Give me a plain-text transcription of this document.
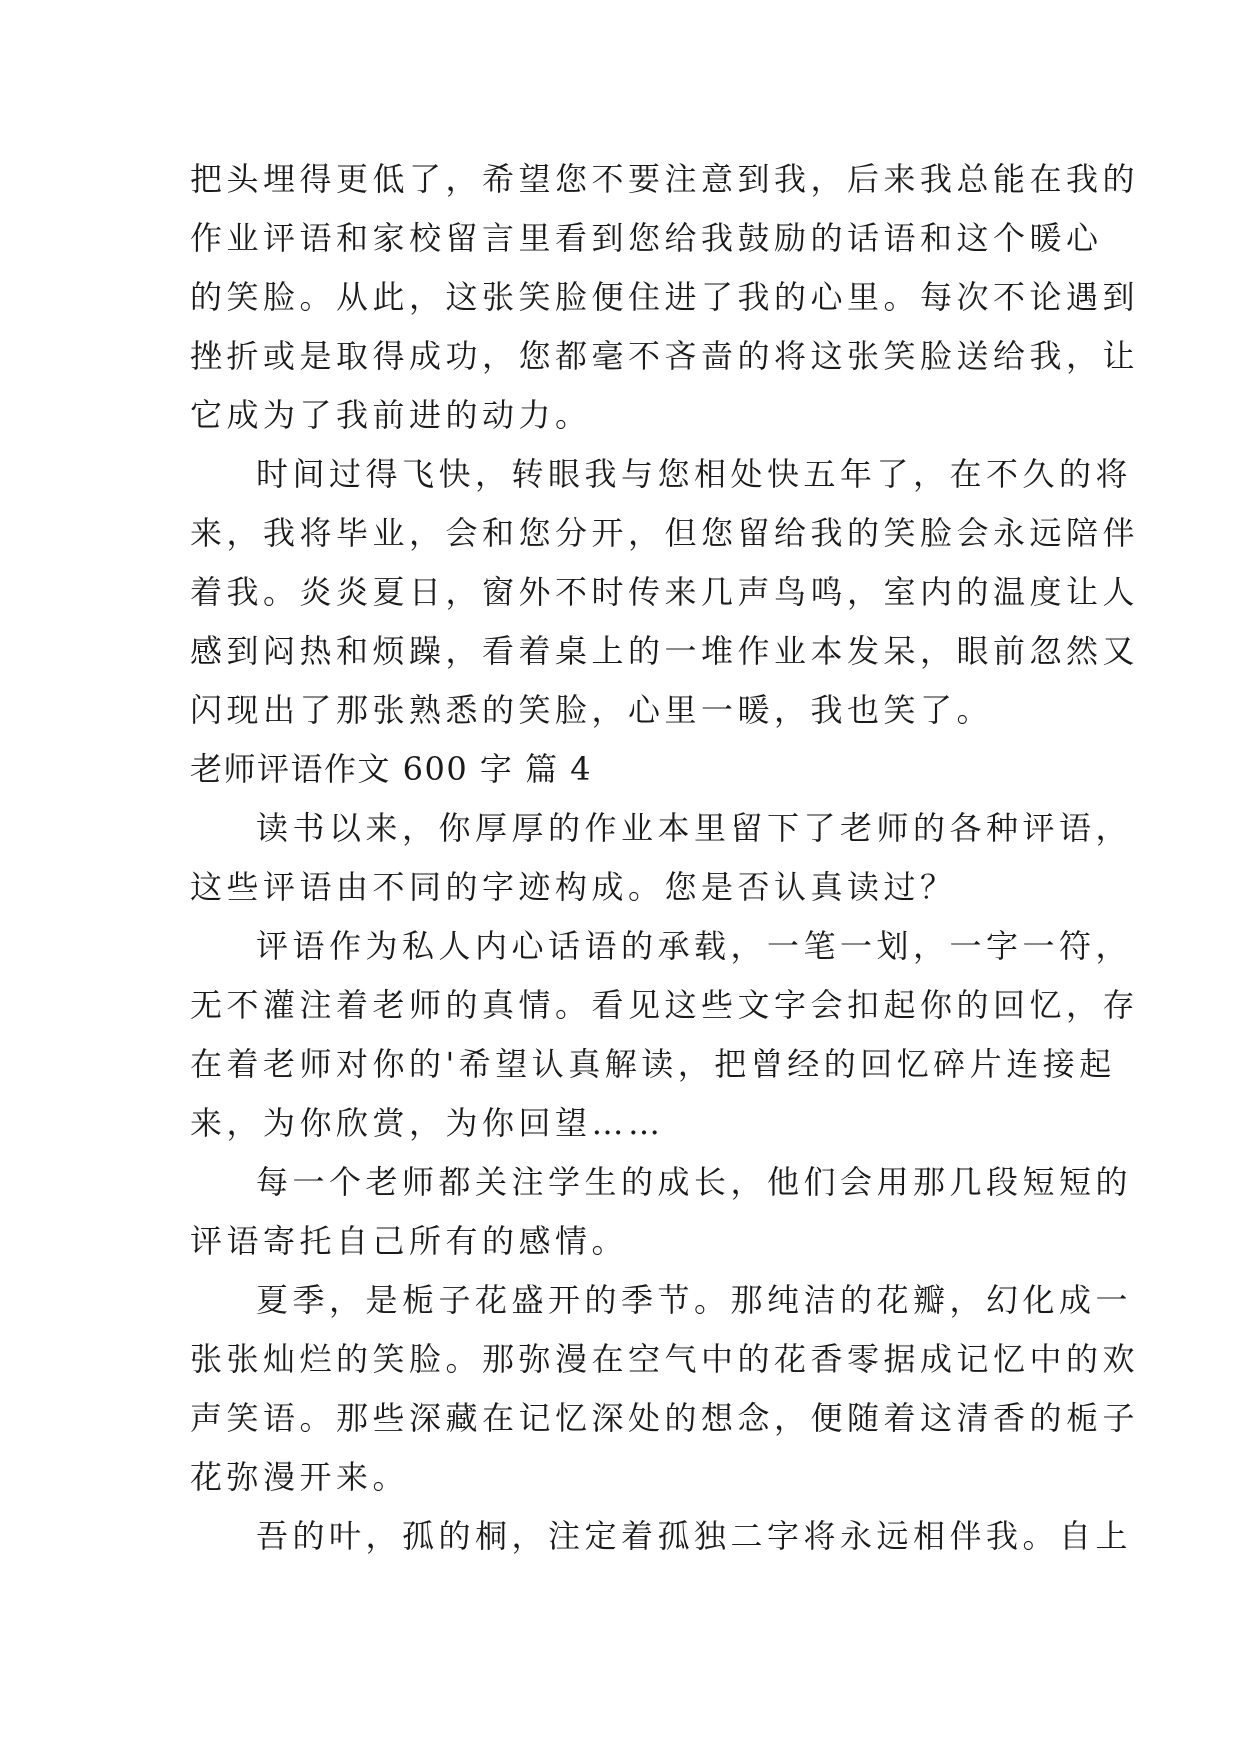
把头埋得更低了，希望您不要注意到我，后来我总能在我的
作业评语和家校留言里看到您给我鼓励的话语和这个暖心
的笑脸。从此，这张笑脸便住进了我的心里。每次不论遇到
挫折或是取得成功，您都毫不吝啬的将这张笑脸送给我，让
它成为了我前进的动力。
时间过得飞快，转眼我与您相处快五年了，在不久的将
来，我将毕业，会和您分开，但您留给我的笑脸会永远陪伴
着我。炎炎夏日，窗外不时传来几声鸟鸣，室内的温度让人
感到闷热和烦躁，看着桌上的一堆作业本发呆，眼前忽然又
闪现出了那张熟悉的笑脸，心里一暖，我也笑了。
老师评语作文 600 字 篇 4
读书以来，你厚厚的作业本里留下了老师的各种评语，
这些评语由不同的字迹构成。您是否认真读过？
评语作为私人内心话语的承载，一笔一划，一字一符，
无不灌注着老师的真情。看见这些文字会扣起你的回忆，存
在着老师对你的'希望认真解读，把曾经的回忆碎片连接起
来，为你欣赏，为你回望……
每一个老师都关注学生的成长，他们会用那几段短短的
评语寄托自己所有的感情。
夏季，是栀子花盛开的季节。那纯洁的花瓣，幻化成一
张张灿烂的笑脸。那弥漫在空气中的花香零据成记忆中的欢
声笑语。那些深藏在记忆深处的想念，便随着这清香的栀子
花弥漫开来。
吾的叶，孤的桐，注定着孤独二字将永远相伴我。自上
